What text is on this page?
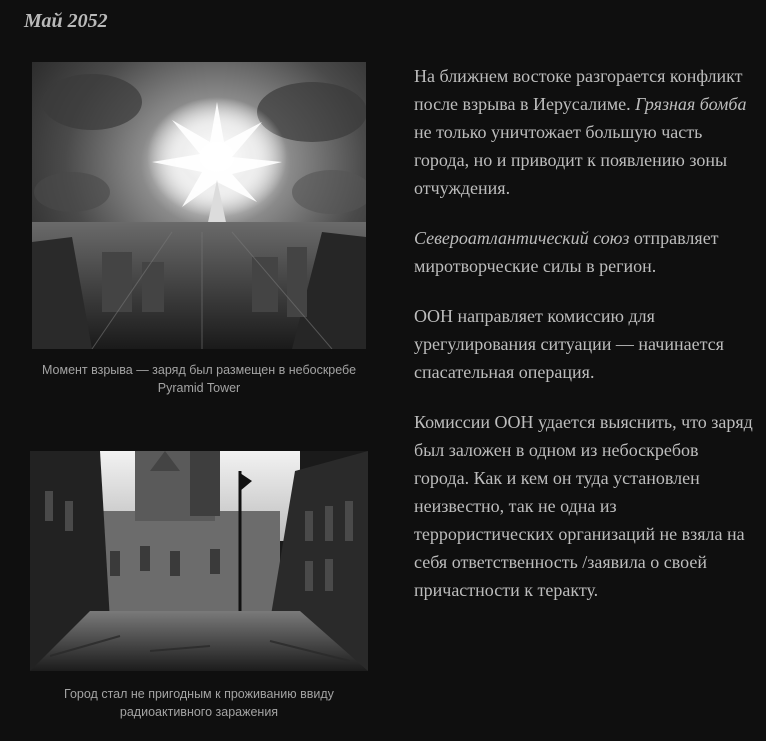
Май 2052
Момент взрыва — заряд был размещен в небоскребе Pyramid Tower
Город стал не пригодным к проживанию ввиду радиоактивного заражения

На ближнем востоке разгорается конфликт после взрыва в Иерусалиме. Грязная бомба не только уничтожает большую часть города, но и приводит к появлению зоны отчуждения.

Североатлантический союз отправляет миротворческие силы в регион.

ООН направляет комиссию для урегулирования ситуации — начинается спасательная операция.

Комиссии ООН удается выяснить, что заряд был заложен в одном из небоскребов города. Как и кем он туда установлен неизвестно, так не одна из террористических организаций не взяла на себя ответственность /заявила о своей причастности к теракту.
